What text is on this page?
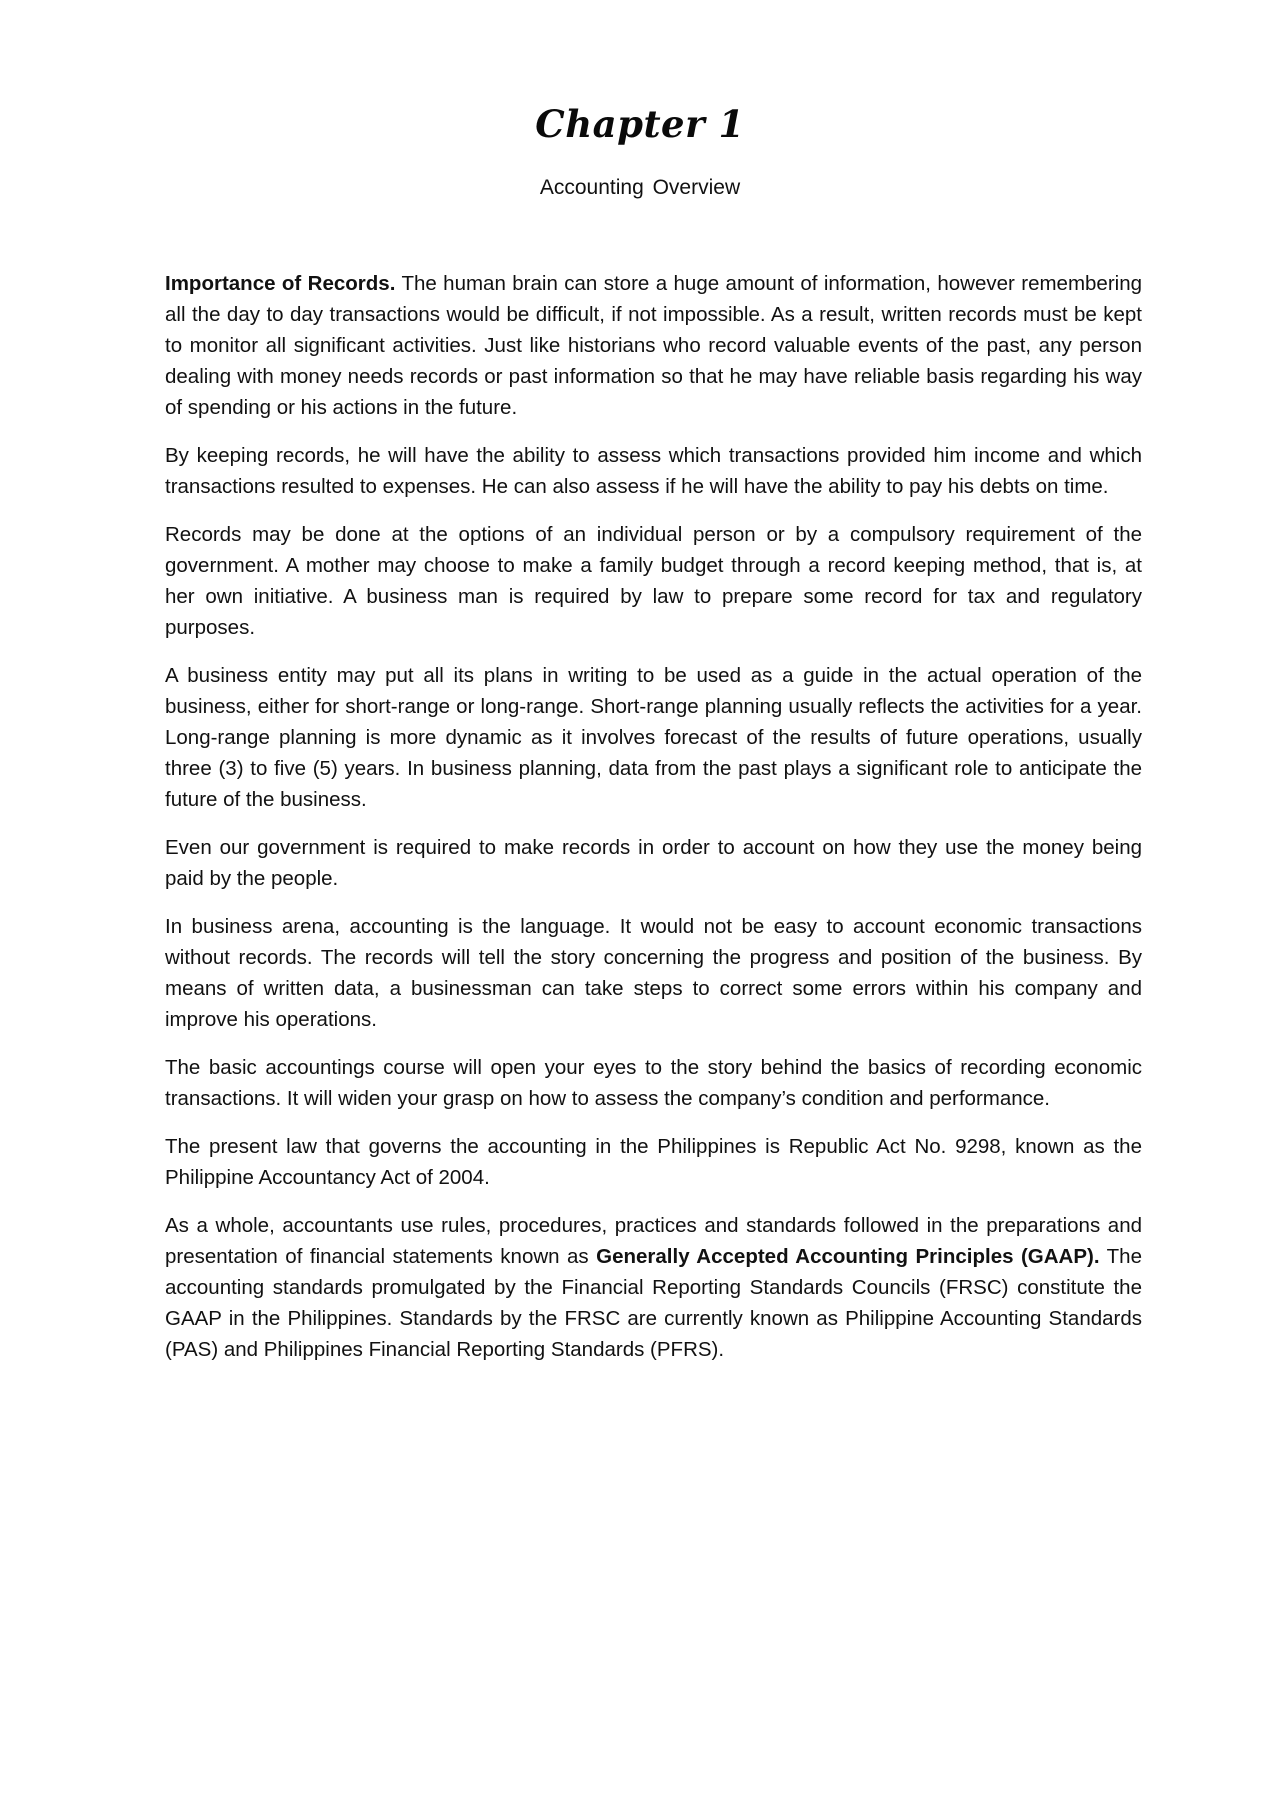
Chapter 1
Accounting Overview

Importance of Records. The human brain can store a huge amount of information, however remembering all the day to day transactions would be difficult, if not impossible. As a result, written records must be kept to monitor all significant activities. Just like historians who record valuable events of the past, any person dealing with money needs records or past information so that he may have reliable basis regarding his way of spending or his actions in the future.

By keeping records, he will have the ability to assess which transactions provided him income and which transactions resulted to expenses. He can also assess if he will have the ability to pay his debts on time.

Records may be done at the options of an individual person or by a compulsory requirement of the government. A mother may choose to make a family budget through a record keeping method, that is, at her own initiative. A business man is required by law to prepare some record for tax and regulatory purposes.

A business entity may put all its plans in writing to be used as a guide in the actual operation of the business, either for short-range or long-range. Short-range planning usually reflects the activities for a year. Long-range planning is more dynamic as it involves forecast of the results of future operations, usually three (3) to five (5) years. In business planning, data from the past plays a significant role to anticipate the future of the business.

Even our government is required to make records in order to account on how they use the money being paid by the people.

In business arena, accounting is the language. It would not be easy to account economic transactions without records. The records will tell the story concerning the progress and position of the business. By means of written data, a businessman can take steps to correct some errors within his company and improve his operations.

The basic accountings course will open your eyes to the story behind the basics of recording economic transactions. It will widen your grasp on how to assess the company’s condition and performance.

The present law that governs the accounting in the Philippines is Republic Act No. 9298, known as the Philippine Accountancy Act of 2004.

As a whole, accountants use rules, procedures, practices and standards followed in the preparations and presentation of financial statements known as Generally Accepted Accounting Principles (GAAP). The accounting standards promulgated by the Financial Reporting Standards Councils (FRSC) constitute the GAAP in the Philippines. Standards by the FRSC are currently known as Philippine Accounting Standards (PAS) and Philippines Financial Reporting Standards (PFRS).
